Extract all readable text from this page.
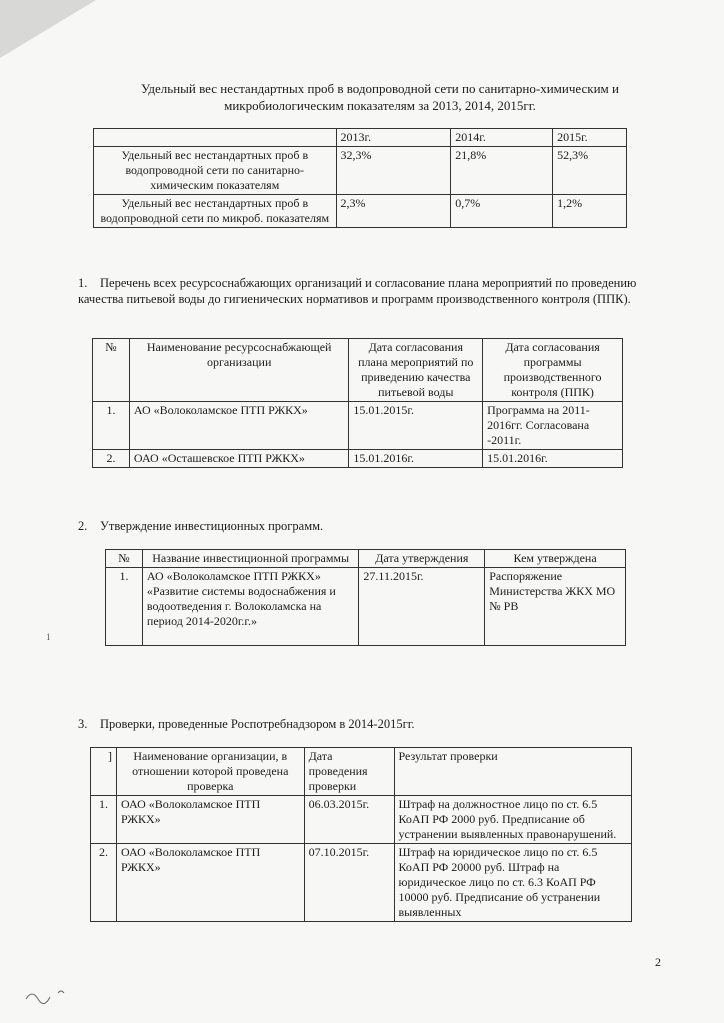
Удельный вес нестандартных проб в водопроводной сети по санитарно-химическим и
микробиологическим показателям за 2013, 2014, 2015гг.
	2013г.	2014г.	2015г.
Удельный вес нестандартных проб в водопроводной сети по санитарно-химическим показателям	32,3%	21,8%	52,3%
Удельный вес нестандартных проб в водопроводной сети по микроб. показателям	2,3%	0,7%	1,2%
1. Перечень всех ресурсоснабжающих организаций и согласование плана мероприятий по проведению качества питьевой воды до гигиенических нормативов и программ производственного контроля (ППК).
№	Наименование ресурсоснабжающей организации	Дата согласования плана мероприятий по приведению качества питьевой воды	Дата согласования программы производственного контроля (ППК)
1.	АО «Волоколамское ПТП РЖКХ»	15.01.2015г.	Программа на 2011-2016гг. Согласована -2011г.
2.	ОАО «Осташевское ПТП РЖКХ»	15.01.2016г.	15.01.2016г.
2. Утверждение инвестиционных программ.
№	Название инвестиционной программы	Дата утверждения	Кем утверждена
1.	АО «Волоколамское ПТП РЖКХ» «Развитие системы водоснабжения и водоотведения г. Волоколамска на период 2014-2020г.г.»	27.11.2015г.	Распоряжение Министерства ЖКХ МО № РВ
3. Проверки, проведенные Роспотребнадзором в 2014-2015гг.
]	Наименование организации, в отношении которой проведена проверка	Дата проведения проверки	Результат проверки
1.	ОАО «Волоколамское ПТП РЖКХ»	06.03.2015г.	Штраф на должностное лицо по ст. 6.5 КоАП РФ 2000 руб. Предписание об устранении выявленных правонарушений.
2.	ОАО «Волоколамское ПТП РЖКХ»	07.10.2015г.	Штраф на юридическое лицо по ст. 6.5 КоАП РФ 20000 руб. Штраф на юридическое лицо по ст. 6.3 КоАП РФ 10000 руб. Предписание об устранении выявленных
2
1
